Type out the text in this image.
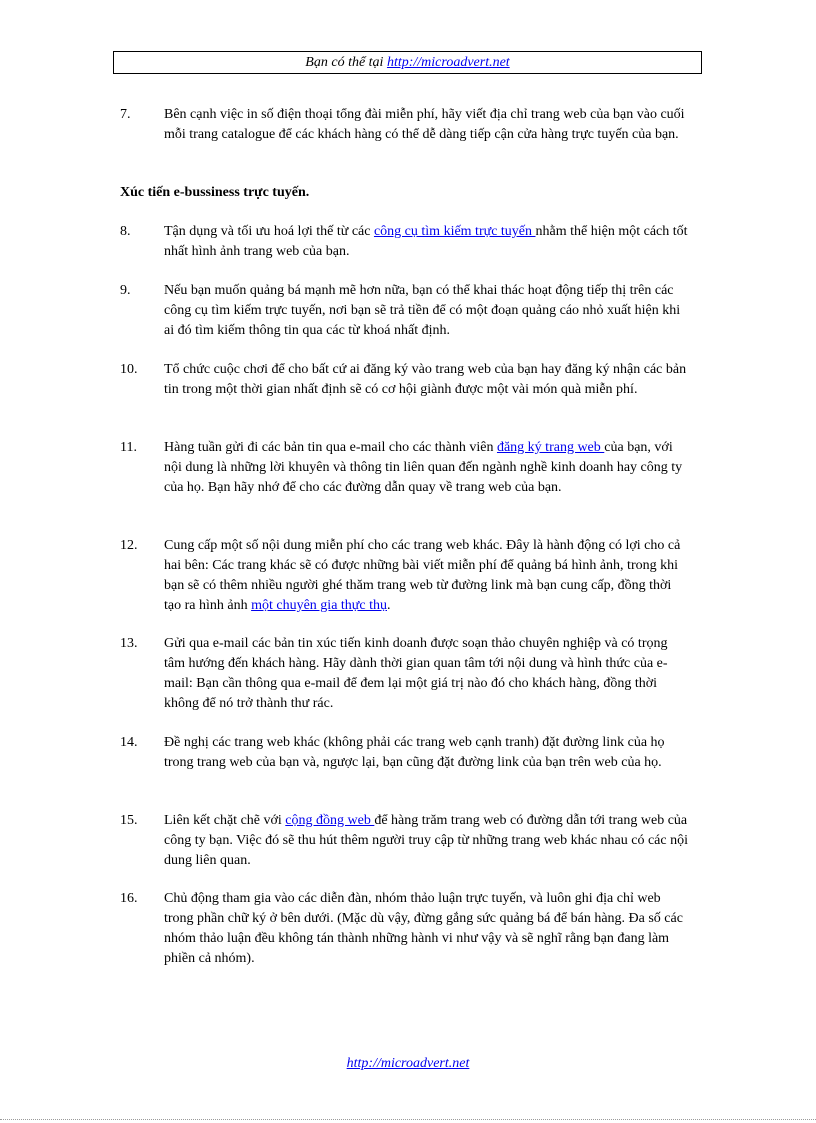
Bạn có thể tại http://microadvert.net
7. Bên cạnh việc in số điện thoại tổng đài miễn phí, hãy viết địa chỉ trang web của bạn vào cuối mỗi trang catalogue để các khách hàng có thể dễ dàng tiếp cận cửa hàng trực tuyến của bạn.
Xúc tiến e-bussiness trực tuyến.
8. Tận dụng và tối ưu hoá lợi thế từ các công cụ tìm kiếm trực tuyến nhằm thể hiện một cách tốt nhất hình ảnh trang web của bạn.
9. Nếu bạn muốn quảng bá mạnh mẽ hơn nữa, bạn có thể khai thác hoạt động tiếp thị trên các công cụ tìm kiếm trực tuyến, nơi bạn sẽ trả tiền để có một đoạn quảng cáo nhỏ xuất hiện khi ai đó tìm kiếm thông tin qua các từ khoá nhất định.
10. Tổ chức cuộc chơi để cho bất cứ ai đăng ký vào trang web của bạn hay đăng ký nhận các bản tin trong một thời gian nhất định sẽ có cơ hội giành được một vài món quà miễn phí.
11. Hàng tuần gửi đi các bản tin qua e-mail cho các thành viên đăng ký trang web của bạn, với nội dung là những lời khuyên và thông tin liên quan đến ngành nghề kinh doanh hay công ty của họ. Bạn hãy nhớ để cho các đường dẫn quay về trang web của bạn.
12. Cung cấp một số nội dung miễn phí cho các trang web khác. Đây là hành động có lợi cho cả hai bên: Các trang khác sẽ có được những bài viết miễn phí để quảng bá hình ảnh, trong khi bạn sẽ có thêm nhiều người ghé thăm trang web từ đường link mà bạn cung cấp, đồng thời tạo ra hình ảnh một chuyên gia thực thụ.
13. Gửi qua e-mail các bản tin xúc tiến kinh doanh được soạn thảo chuyên nghiệp và có trọng tâm hướng đến khách hàng. Hãy dành thời gian quan tâm tới nội dung và hình thức của e-mail: Bạn cần thông qua e-mail để đem lại một giá trị nào đó cho khách hàng, đồng thời không để nó trở thành thư rác.
14. Đề nghị các trang web khác (không phải các trang web cạnh tranh) đặt đường link của họ trong trang web của bạn và, ngược lại, bạn cũng đặt đường link của bạn trên web của họ.
15. Liên kết chặt chẽ với cộng đồng web để hàng trăm trang web có đường dẫn tới trang web của công ty bạn. Việc đó sẽ thu hút thêm người truy cập từ những trang web khác nhau có các nội dung liên quan.
16. Chủ động tham gia vào các diễn đàn, nhóm thảo luận trực tuyến, và luôn ghi địa chỉ web trong phần chữ ký ở bên dưới. (Mặc dù vậy, đừng gắng sức quảng bá để bán hàng. Đa số các nhóm thảo luận đều không tán thành những hành vi như vậy và sẽ nghĩ rằng bạn đang làm phiền cả nhóm).
http://microadvert.net
